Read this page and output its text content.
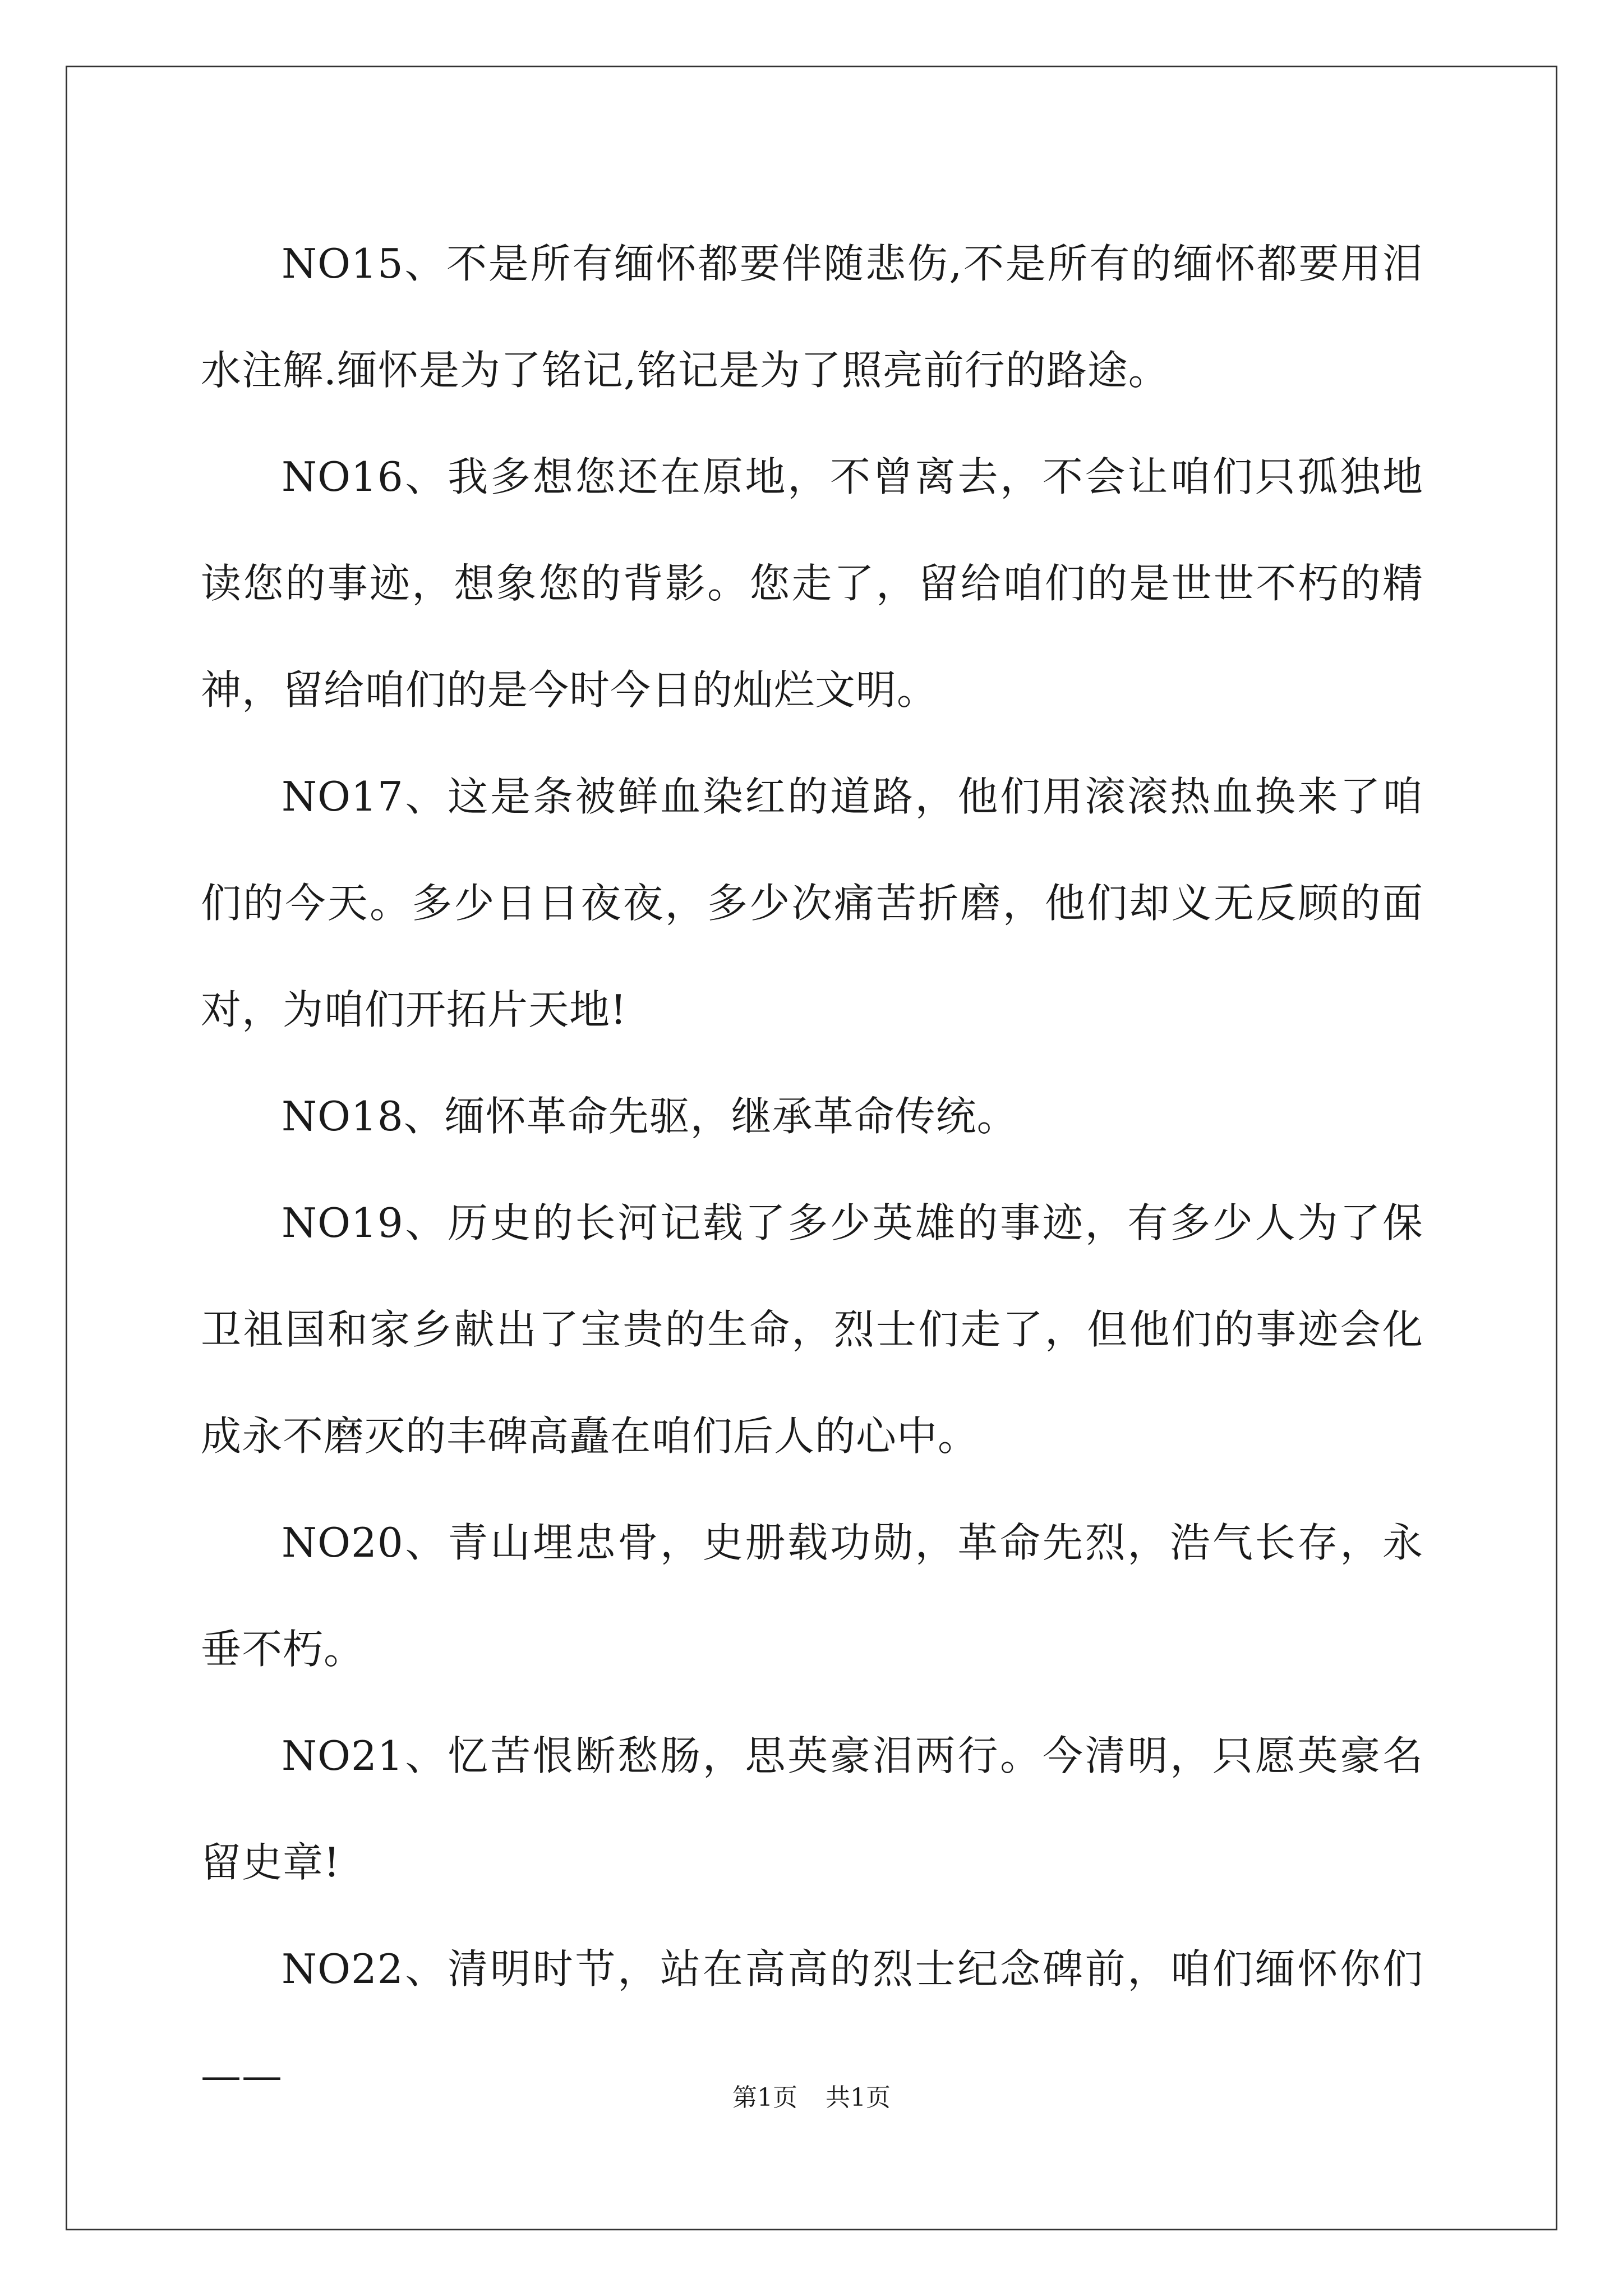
NO15、不是所有缅怀都要伴随悲伤,不是所有的缅怀都要用泪水注解.缅怀是为了铭记,铭记是为了照亮前行的路途。

NO16、我多想您还在原地，不曾离去，不会让咱们只孤独地读您的事迹，想象您的背影。您走了，留给咱们的是世世不朽的精神，留给咱们的是今时今日的灿烂文明。

NO17、这是条被鲜血染红的道路，他们用滚滚热血换来了咱们的今天。多少日日夜夜，多少次痛苦折磨，他们却义无反顾的面对，为咱们开拓片天地!

NO18、缅怀革命先驱，继承革命传统。

NO19、历史的长河记载了多少英雄的事迹，有多少人为了保卫祖国和家乡献出了宝贵的生命，烈士们走了，但他们的事迹会化成永不磨灭的丰碑高矗在咱们后人的心中。

NO20、青山埋忠骨，史册载功勋，革命先烈，浩气长存，永垂不朽。

NO21、忆苦恨断愁肠，思英豪泪两行。今清明，只愿英豪名留史章!

NO22、清明时节，站在高高的烈士纪念碑前，咱们缅怀你们——	第1页 共1页
